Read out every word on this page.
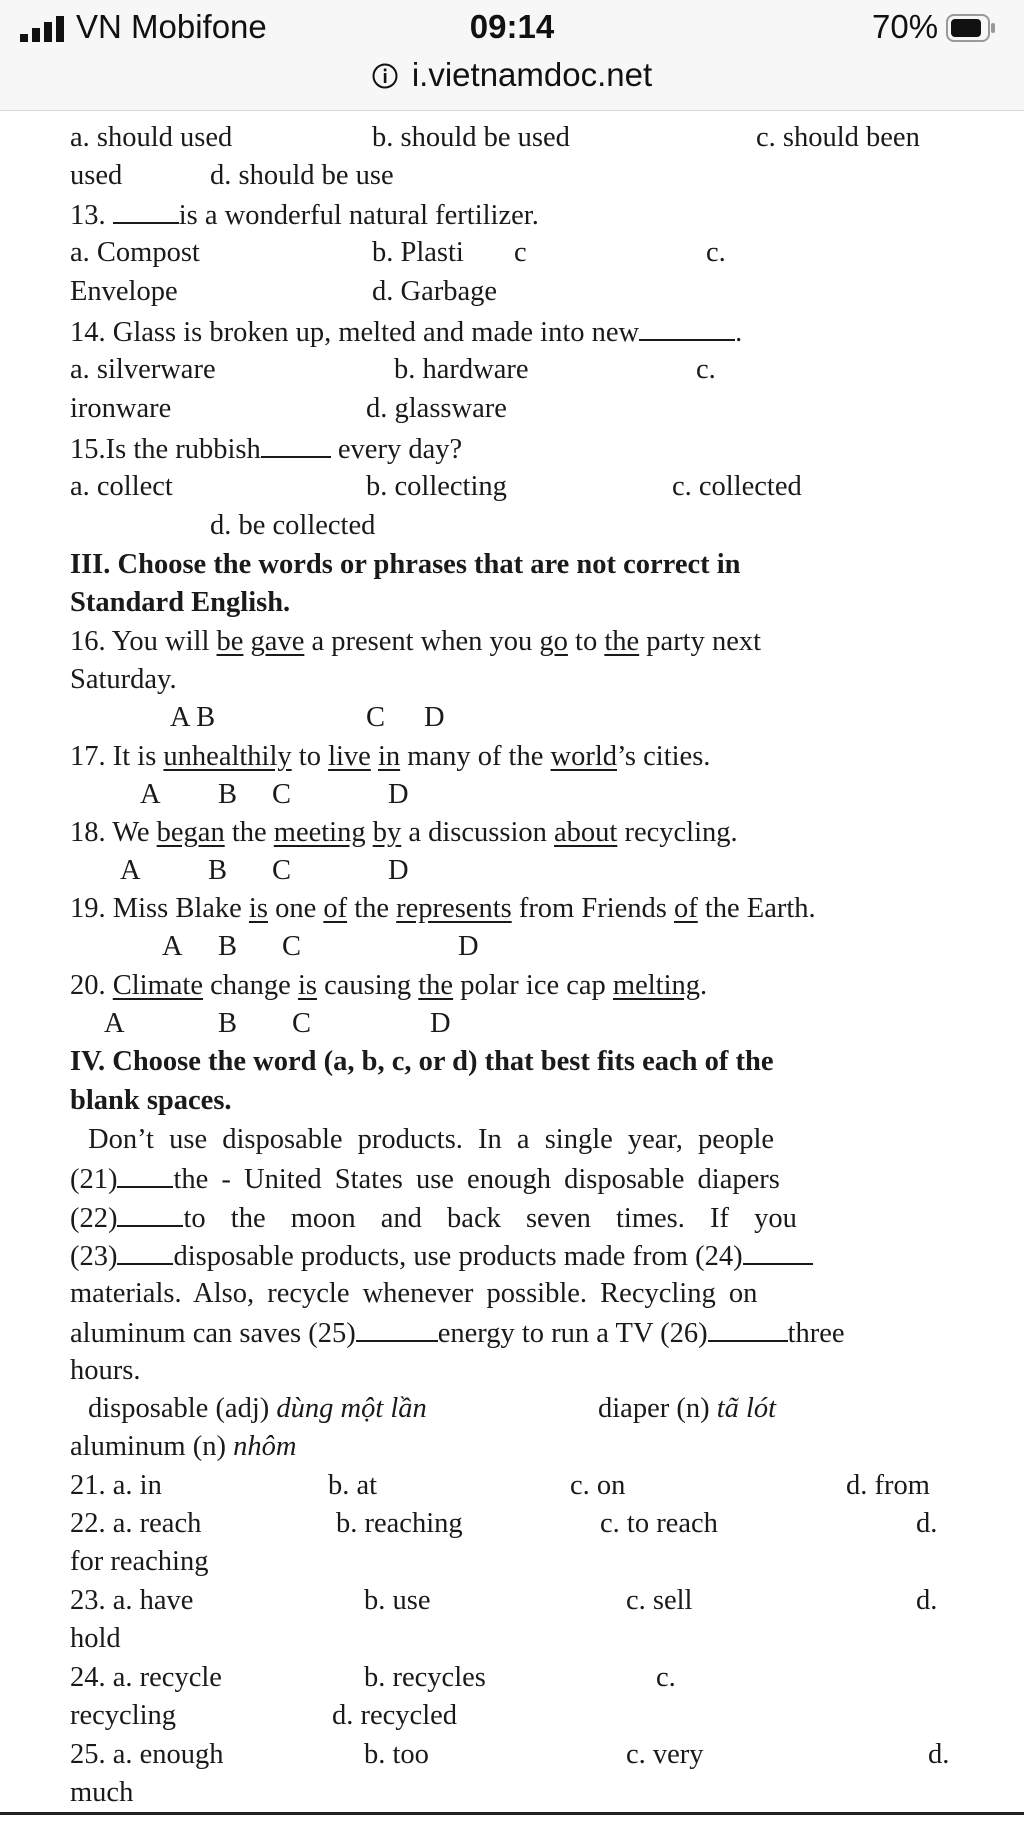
VN Mobifone	09:14	70%
i.vietnamdoc.net
a. should used	b. should be used	c. should been
used	d. should be use
13. is a wonderful natural fertilizer.
a. Compost	b. Plasti c	c.
Envelope	d. Garbage
14. Glass is broken up, melted and made into new	.
a. silverware	b. hardware	c.
ironware	d. glassware
15.Is the rubbish every day?
a. collect	b. collecting	c. collected
d. be collected
III. Choose the words or phrases that are not correct in
Standard English.
16. You will be gave a present when you go to the party next
Saturday.
A B	C D
17. It is unhealthily to live in many of the world’s cities.
A B C	D
18. We began the meeting by a discussion about recycling.
A B C	D
19. Miss Blake is one of the represents from Friends of the Earth.
A B C	D
20. Climate change is causing the polar ice cap melting.
A	B C	D
IV. Choose the word (a, b, c, or d) that best fits each of the
blank spaces.
Don’t use disposable products. In a single year, people
(21) the - United States use enough disposable diapers
(22) to the moon and back seven times. If you
(23) disposable products, use products made from (24)
materials. Also, recycle whenever possible. Recycling on
aluminum can saves (25)	energy to run a TV (26)	three
hours.
disposable (adj) dùng một lần	diaper (n) tã lót
aluminum (n) nhôm
21. a. in	b. at	c. on	d. from
22. a. reach	b. reaching	c. to reach	d.
for reaching
23. a. have	b. use	c. sell	d.
hold
24. a. recycle	b. recycles	c.
recycling	d. recycled
25. a. enough	b. too	c. very	d.
much
